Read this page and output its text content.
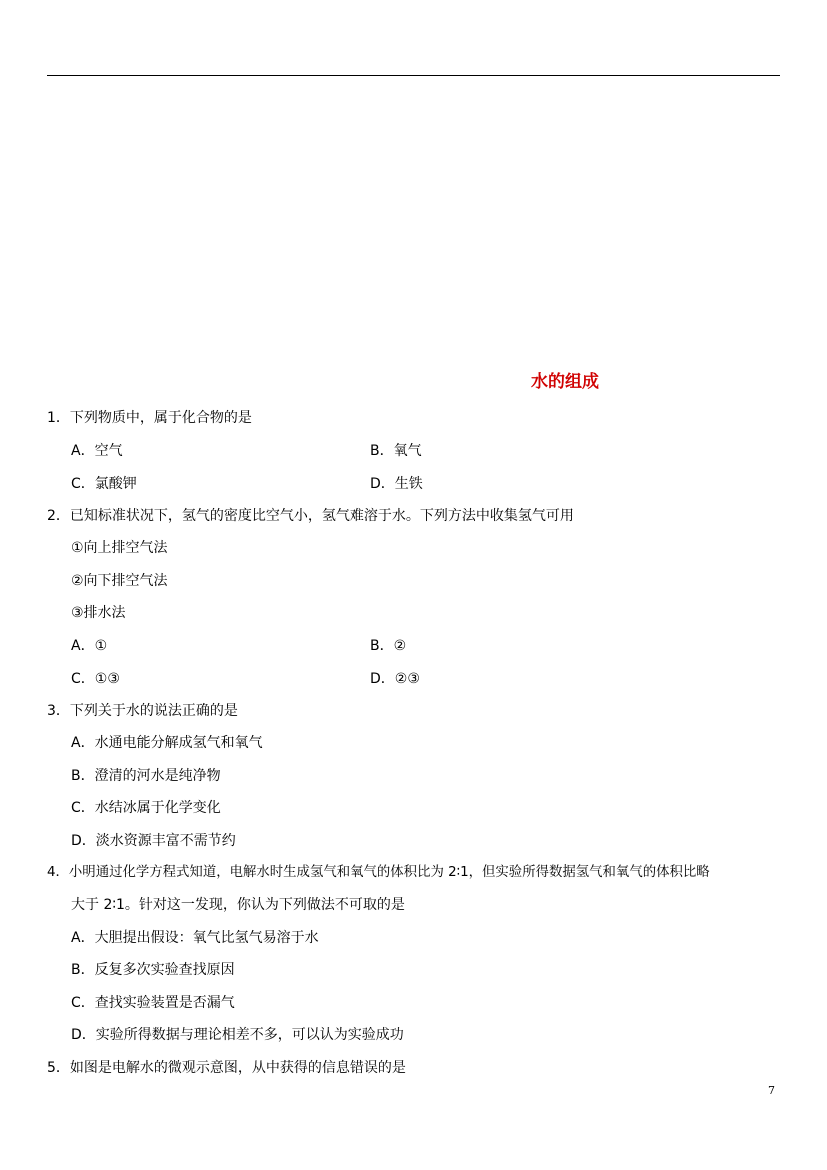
水的组成
1．下列物质中，属于化合物的是
A．空气	B．氧气
C．氯酸钾	D．生铁
2．已知标准状况下，氢气的密度比空气小，氢气难溶于水。下列方法中收集氢气可用
①向上排空气法
②向下排空气法
③排水法
A．①	B．②
C．①③	D．②③
3．下列关于水的说法正确的是
A．水通电能分解成氢气和氧气
B．澄清的河水是纯净物
C．水结冰属于化学变化
D．淡水资源丰富不需节约
4．小明通过化学方程式知道，电解水时生成氢气和氧气的体积比为 2∶1，但实验所得数据氢气和氧气的体积比略
大于 2∶1。针对这一发现，你认为下列做法不可取的是
A．大胆提出假设：氧气比氢气易溶于水
B．反复多次实验查找原因
C．查找实验装置是否漏气
D．实验所得数据与理论相差不多，可以认为实验成功
5．如图是电解水的微观示意图，从中获得的信息错误的是
7
